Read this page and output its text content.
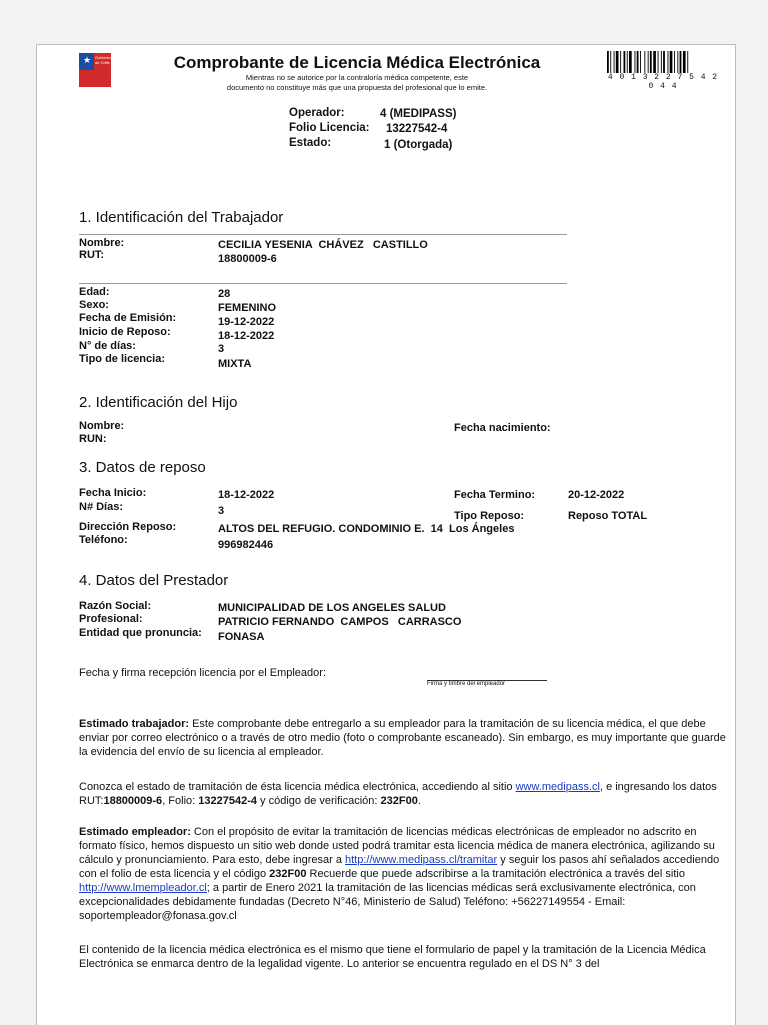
★ Gobierno de Chile	Comprobante de Licencia Médica Electrónica
Mientras no se autorice por la contraloría médica competente, este
documento no constituye más que una propuesta del profesional que lo emite.
4 0 1 3 2 2 7 5 4 2 0 4 4
Operador:	4 (MEDIPASS)
Folio Licencia: 13227542-4
Estado:	1 (Otorgada)
1. Identificación del Trabajador
Nombre:	CECILIA YESENIA  CHÁVEZ   CASTILLO
RUT:	18800009-6
Edad:	28
Sexo:	FEMENINO
Fecha de Emisión:	19-12-2022
Inicio de Reposo:	18-12-2022
N° de días:	3
Tipo de licencia:	MIXTA
2. Identificación del Hijo
Nombre:
RUN:
Fecha nacimiento:
3. Datos de reposo
Fecha Inicio:	18-12-2022	Fecha Termino:	20-12-2022
N# Días:	3	Tipo Reposo:	Reposo TOTAL
Dirección Reposo:	ALTOS DEL REFUGIO. CONDOMINIO E.  14  Los Ángeles
Teléfono:	996982446
4. Datos del Prestador
Razón Social:	MUNICIPALIDAD DE LOS ANGELES SALUD
Profesional:	PATRICIO FERNANDO  CAMPOS   CARRASCO
Entidad que pronuncia: FONASA
Fecha y firma recepción licencia por el Empleador:
Firma y timbre del empleador
Estimado trabajador: Este comprobante debe entregarlo a su empleador para la tramitación de su licencia médica, el que debe enviar por correo electrónico o a través de otro medio (foto o comprobante escaneado). Sin embargo, es muy importante que guarde la evidencia del envío de su licencia al empleador.
Conozca el estado de tramitación de ésta licencia médica electrónica, accediendo al sitio www.medipass.cl, e ingresando los datos RUT:18800009-6, Folio: 13227542-4 y código de verificación: 232F00.
Estimado empleador: Con el propósito de evitar la tramitación de licencias médicas electrónicas de empleador no adscrito en formato físico, hemos dispuesto un sitio web donde usted podrá tramitar esta licencia médica de manera electrónica, agilizando su cálculo y pronunciamiento. Para esto, debe ingresar a http://www.medipass.cl/tramitar y seguir los pasos ahí señalados accediendo con el folio de esta licencia y el código 232F00 Recuerde que puede adscribirse a la tramitación electrónica a través del sitio http://www.lmempleador.cl; a partir de Enero 2021 la tramitación de las licencias médicas será exclusivamente electrónica, con excepcionalidades debidamente fundadas (Decreto N°46, Ministerio de Salud) Teléfono: +56227149554 - Email: soportempleador@fonasa.gov.cl
El contenido de la licencia médica electrónica es el mismo que tiene el formulario de papel y la tramitación de la Licencia Médica Electrónica se enmarca dentro de la legalidad vigente. Lo anterior se encuentra regulado en el DS N° 3 del
